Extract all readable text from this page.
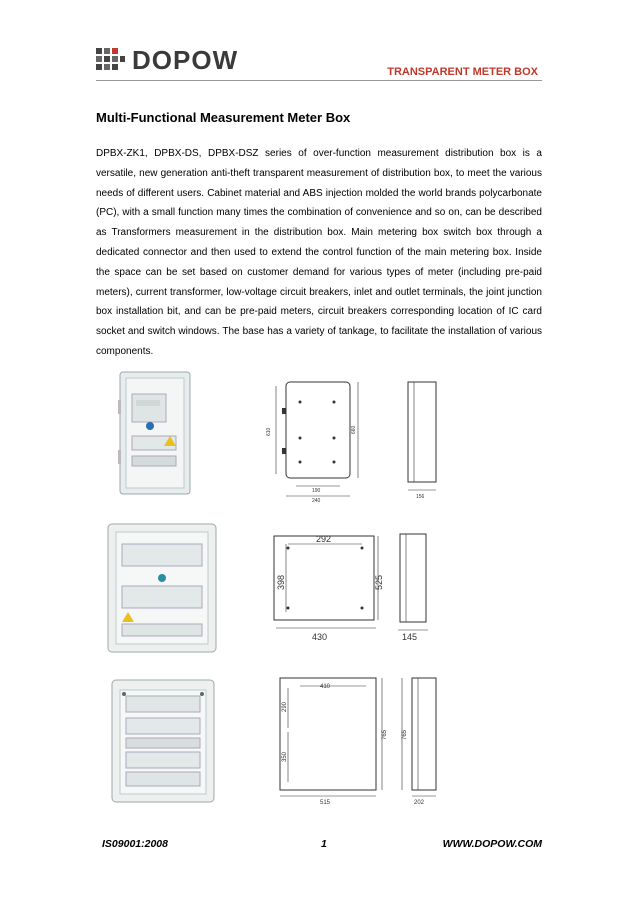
DOPOW	TRANSPARENT METER BOX
Multi-Functional Measurement Meter Box
DPBX-ZK1, DPBX-DS, DPBX-DSZ series of over-function measurement distribution box is a versatile, new generation anti-theft transparent measurement of distribution box, to meet the various needs of different users. Cabinet material and ABS injection molded the world brands polycarbonate (PC), with a small function many times the combination of convenience and so on, can be described as Transformers measurement in the distribution box. Main metering box switch box through a dedicated connector and then used to extend the control function of the main metering box. Inside the space can be set based on customer demand for various types of meter (including pre-paid meters), current transformer, low-voltage circuit breakers, inlet and outlet terminals, the joint junction box installation bit, and can be pre-paid meters, circuit breakers corresponding location of IC card socket and switch windows. The base has a variety of tankage, to facilitate the installation of various components.
610	660
190
240
156
292
398	525
430	145
410
290
350
765
515
765
202
IS09001:2008	1	WWW.DOPOW.COM
